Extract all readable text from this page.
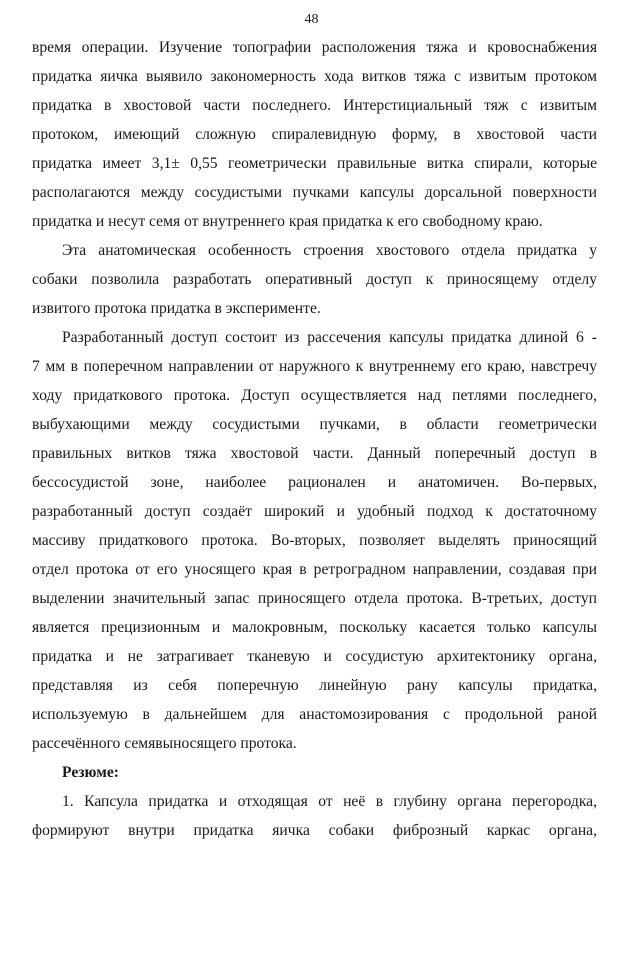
48
время операции. Изучение топографии расположения тяжа и кровоснабжения
придатка яичка выявило закономерность хода витков тяжа с извитым протоком
придатка в хвостовой части последнего. Интерстициальный тяж с извитым
протоком, имеющий сложную спиралевидную форму, в хвостовой части
придатка имеет 3,1± 0,55 геометрически правильные витка спирали, которые
располагаются между сосудистыми пучками капсулы дорсальной поверхности
придатка и несут семя от внутреннего края придатка к его свободному краю.
Эта анатомическая особенность строения хвостового отдела придатка у
собаки позволила разработать оперативный доступ к приносящему отделу
извитого протока придатка в эксперименте.
Разработанный доступ состоит из рассечения капсулы придатка длиной 6 -
7 мм в поперечном направлении от наружного к внутреннему его краю, навстречу
ходу придаткового протока. Доступ осуществляется над петлями последнего,
выбухающими между сосудистыми пучками, в области геометрически
правильных витков тяжа хвостовой части. Данный поперечный доступ в
бессосудистой зоне, наиболее рационален и анатомичен. Во-первых,
разработанный доступ создаёт широкий и удобный подход к достаточному
массиву придаткового протока. Во-вторых, позволяет выделять приносящий
отдел протока от его уносящего края в ретроградном направлении, создавая при
выделении значительный запас приносящего отдела протока. В-третьих, доступ
является прецизионным и малокровным, поскольку касается только капсулы
придатка и не затрагивает тканевую и сосудистую архитектонику органа,
представляя из себя поперечную линейную рану капсулы придатка,
используемую в дальнейшем для анастомозирования с продольной раной
рассечённого семявыносящего протока.
Резюме:
1. Капсула придатка и отходящая от неё в глубину органа перегородка,
формируют внутри придатка яичка собаки фиброзный каркас органа,
